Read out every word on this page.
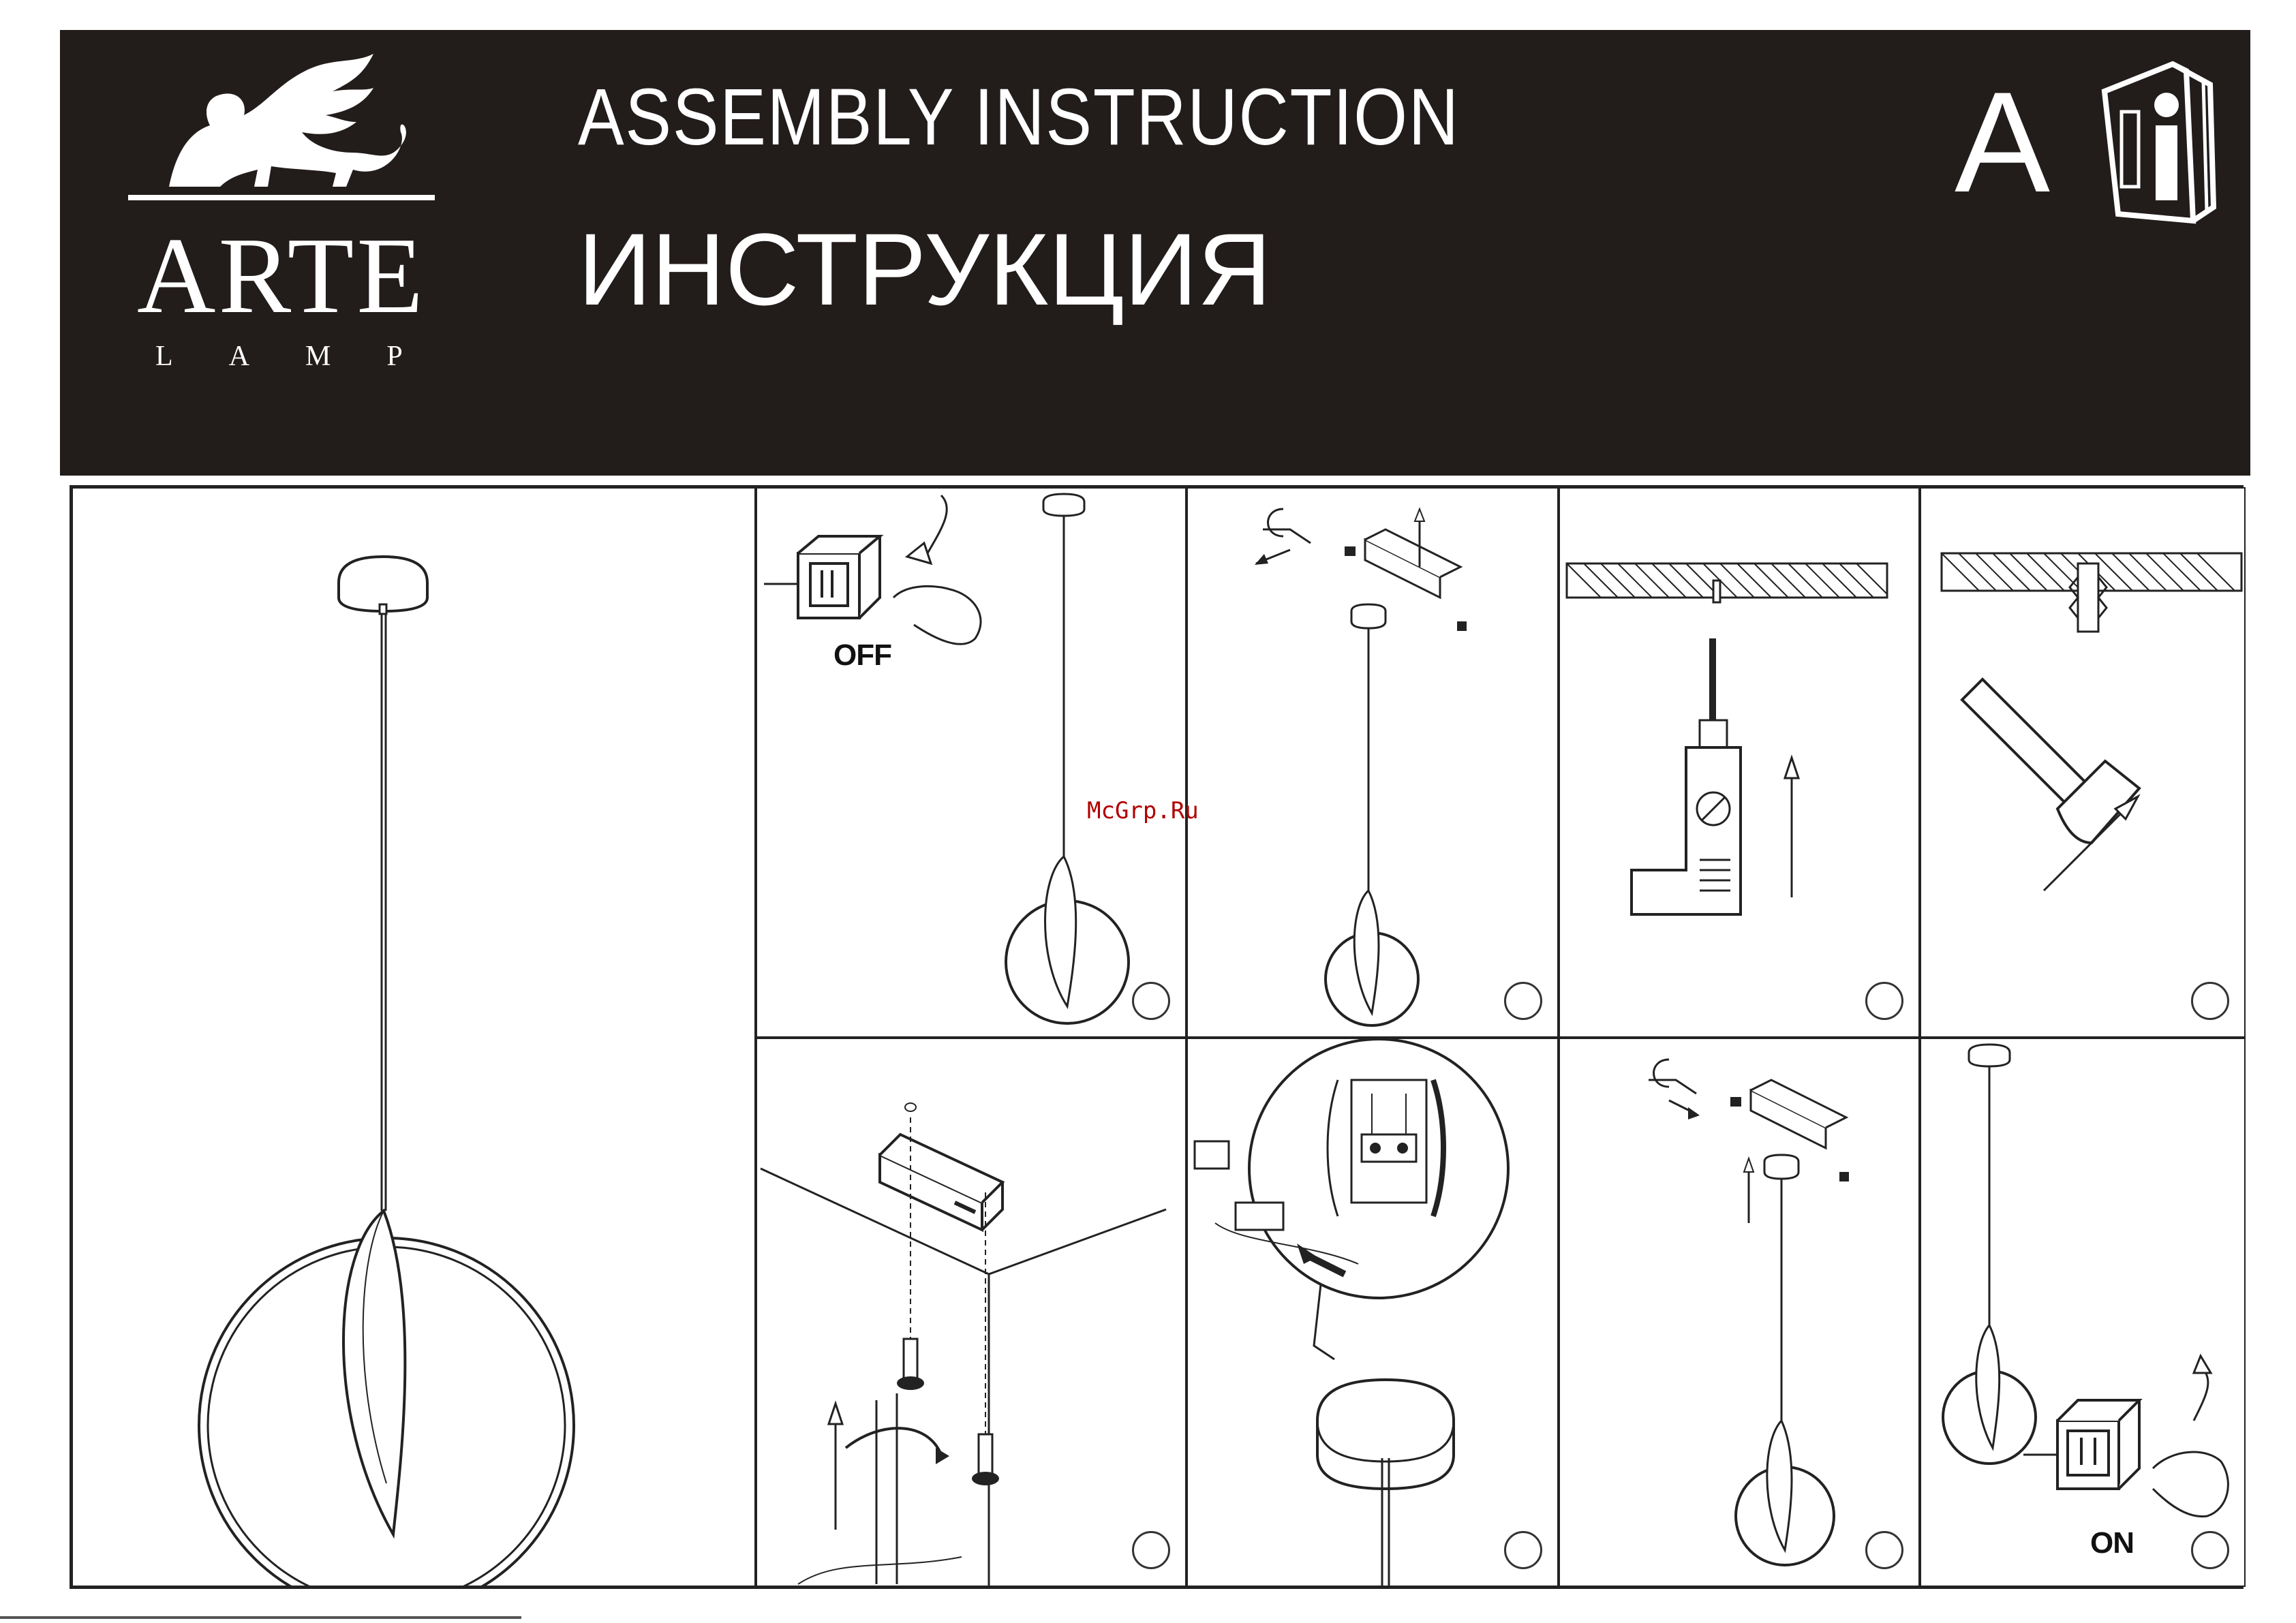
ARTE
LAMP
ASSEMBLY INSTRUCTION
ИНСТРУКЦИЯ
A
OFF
ON
McGrp.Ru
